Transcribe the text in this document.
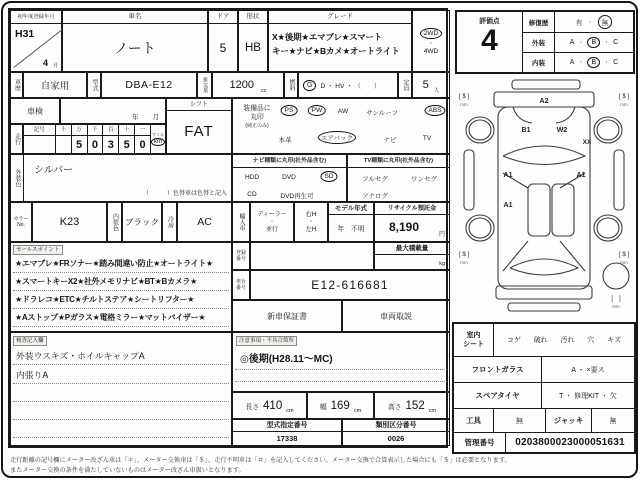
初年度登録年月
H31
4 月
車名
ノート
ドア
5
形状
HB
グレード
X★後期★エマブレ★スマート
キー★ナビ★Bカメ★オートライト
2WD
・
4WD
車歴	自家用	型式	DBA-E12	排気量	1200 cc	燃料	G	D ・ HV ・ （　　）	定員	5 人
車検
年 月
走行
記号	十	万
5
千
0
百
3
十
5
一
0
マイル
km
シフト
FAT
装備品に
丸印
(純正のみ)
PS	PW	AW	サンルーフ	ABS
本革	エアバック	ナビ	TV
外装色	シルバー
（　　　）色替車は色替と記入
ナビ種類に丸印(社外品含む)
HDD	DVD	SD
CD	DVD再生可
TV種類に丸印(社外品含む)
フルセグ	ワンセグ
アナログ
カラー
No.	K23	内装色 ブラック	冷房	AC	輸入車	ディーラー
・
並行
右H
・
左H
モデル年式
年　不明
リサイクル預託金
8,190
円
登録
番号
最大積載量
kg
車台
番号	E12-616681
新車保証書	車両取説
注意事項・不具合箇所
◎後期(H28.11～MC)
長さ 410 cm
幅 169 cm
高さ 152 cm
型式指定番号
17338
類別区分番号
0026
セールスポイント
★エマブレ★FRソナー★踏み間違い防止★オートライト★
★スマートキーX2★社外メモリナビ★BT★Bカメラ★
★ドラレコ★ETC★チルトステア★シートリフター★
★Aストップ★Pガラス★電格ミラー★マットバイザー★
検査記入欄
外装ウスキズ・ホイルキャップA
内張りA
評価点
4
修復歴	有 ・	無
外装	A ・	B	・ C
内装	A ・	B	・ C
[ $ ]
mm
[ $ ]
mm
[ $ ]
mm
[ $ ]
mm
A2
B1	W2
XX
A1	A1
A1
[　]
mm
室内
シート
コゲ 破れ 汚れ 穴 キズ
フロントガラス	A ・ ×要ス
スペアタイヤ	T ・ 修理KIT ・ 欠
工具	無	ジャッキ	無
管理番号	0203800023000051631
走行距離の記号欄にメーター改ざん車は「＊」、メーター交換車は「＄」、走行不明車は「＃」を記入してください。メーター交換で合算表示した場合にも「＄」は必要となります。
またメーター交換の条件を満たしていないものはメーター改ざん車扱いとなります。
